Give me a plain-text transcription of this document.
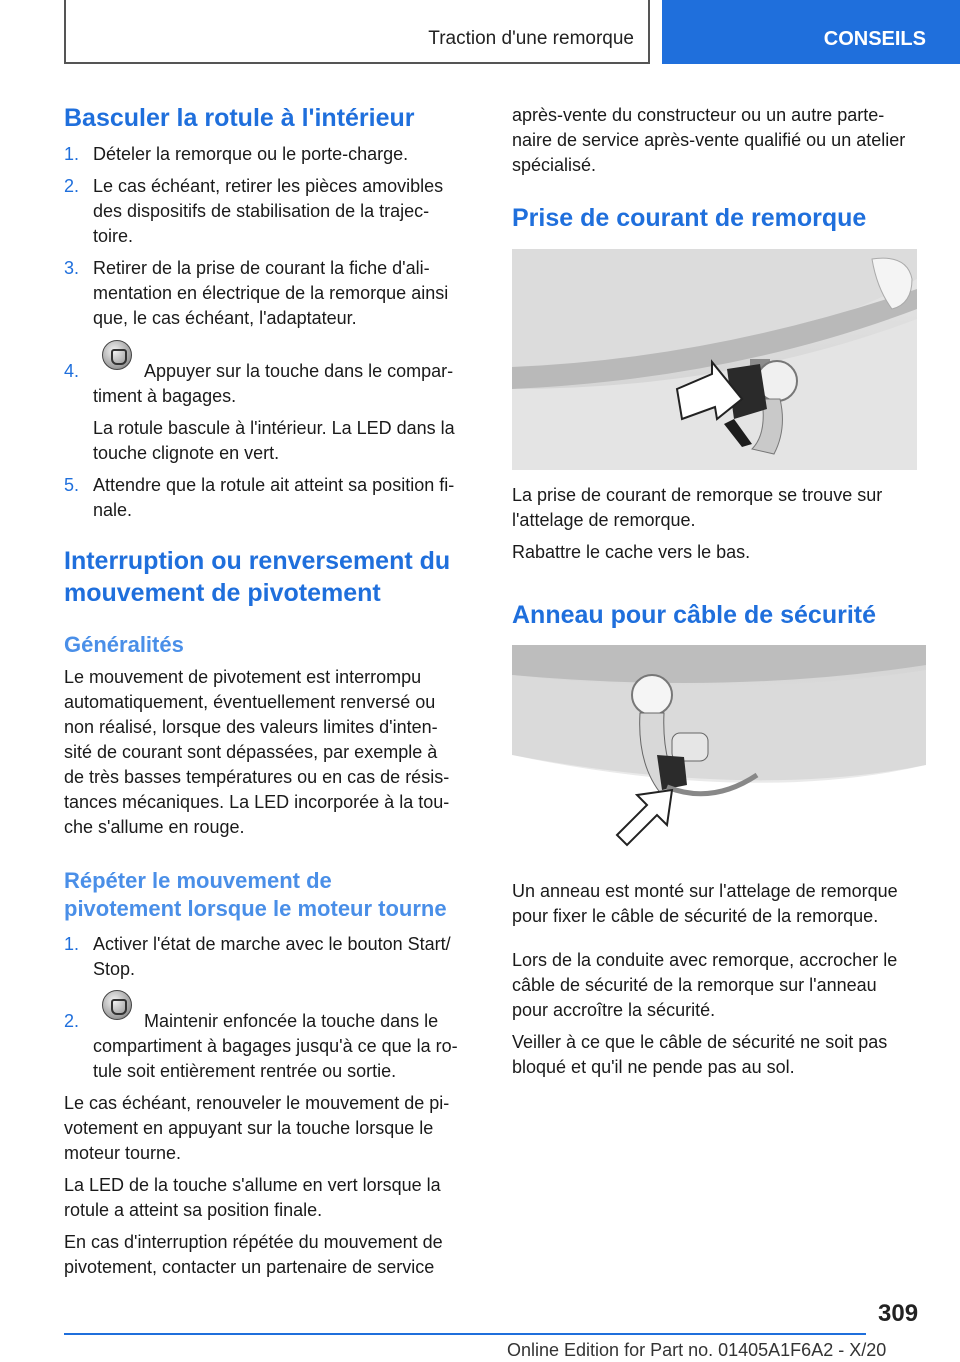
Traction d'une remorque	CONSEILS
Basculer la rotule à l'intérieur
1. Dételer la remorque ou le porte-charge.
2. Le cas échéant, retirer les pièces amovibles
des dispositifs de stabilisation de la trajec-
toire.
3. Retirer de la prise de courant la fiche d'ali-
mentation en électrique de la remorque ainsi
que, le cas échéant, l'adaptateur.
4.	Appuyer sur la touche dans le compar-
timent à bagages.
La rotule bascule à l'intérieur. La LED dans la
touche clignote en vert.
5. Attendre que la rotule ait atteint sa position fi-
nale.
Interruption ou renversement du
mouvement de pivotement
Généralités
Le mouvement de pivotement est interrompu
automatiquement, éventuellement renversé ou
non réalisé, lorsque des valeurs limites d'inten-
sité de courant sont dépassées, par exemple à
de très basses températures ou en cas de résis-
tances mécaniques. La LED incorporée à la tou-
che s'allume en rouge.
Répéter le mouvement de
pivotement lorsque le moteur tourne
1. Activer l'état de marche avec le bouton Start/
Stop.
2.	Maintenir enfoncée la touche dans le
compartiment à bagages jusqu'à ce que la ro-
tule soit entièrement rentrée ou sortie.
Le cas échéant, renouveler le mouvement de pi-
votement en appuyant sur la touche lorsque le
moteur tourne.
La LED de la touche s'allume en vert lorsque la
rotule a atteint sa position finale.
En cas d'interruption répétée du mouvement de
pivotement, contacter un partenaire de service
après-vente du constructeur ou un autre parte-
naire de service après-vente qualifié ou un atelier
spécialisé.
Prise de courant de remorque
La prise de courant de remorque se trouve sur
l'attelage de remorque.
Rabattre le cache vers le bas.
Anneau pour câble de sécurité
Un anneau est monté sur l'attelage de remorque
pour fixer le câble de sécurité de la remorque.
Lors de la conduite avec remorque, accrocher le
câble de sécurité de la remorque sur l'anneau
pour accroître la sécurité.
Veiller à ce que le câble de sécurité ne soit pas
bloqué et qu'il ne pende pas au sol.
309
Online Edition for Part no. 01405A1F6A2 - X/20
